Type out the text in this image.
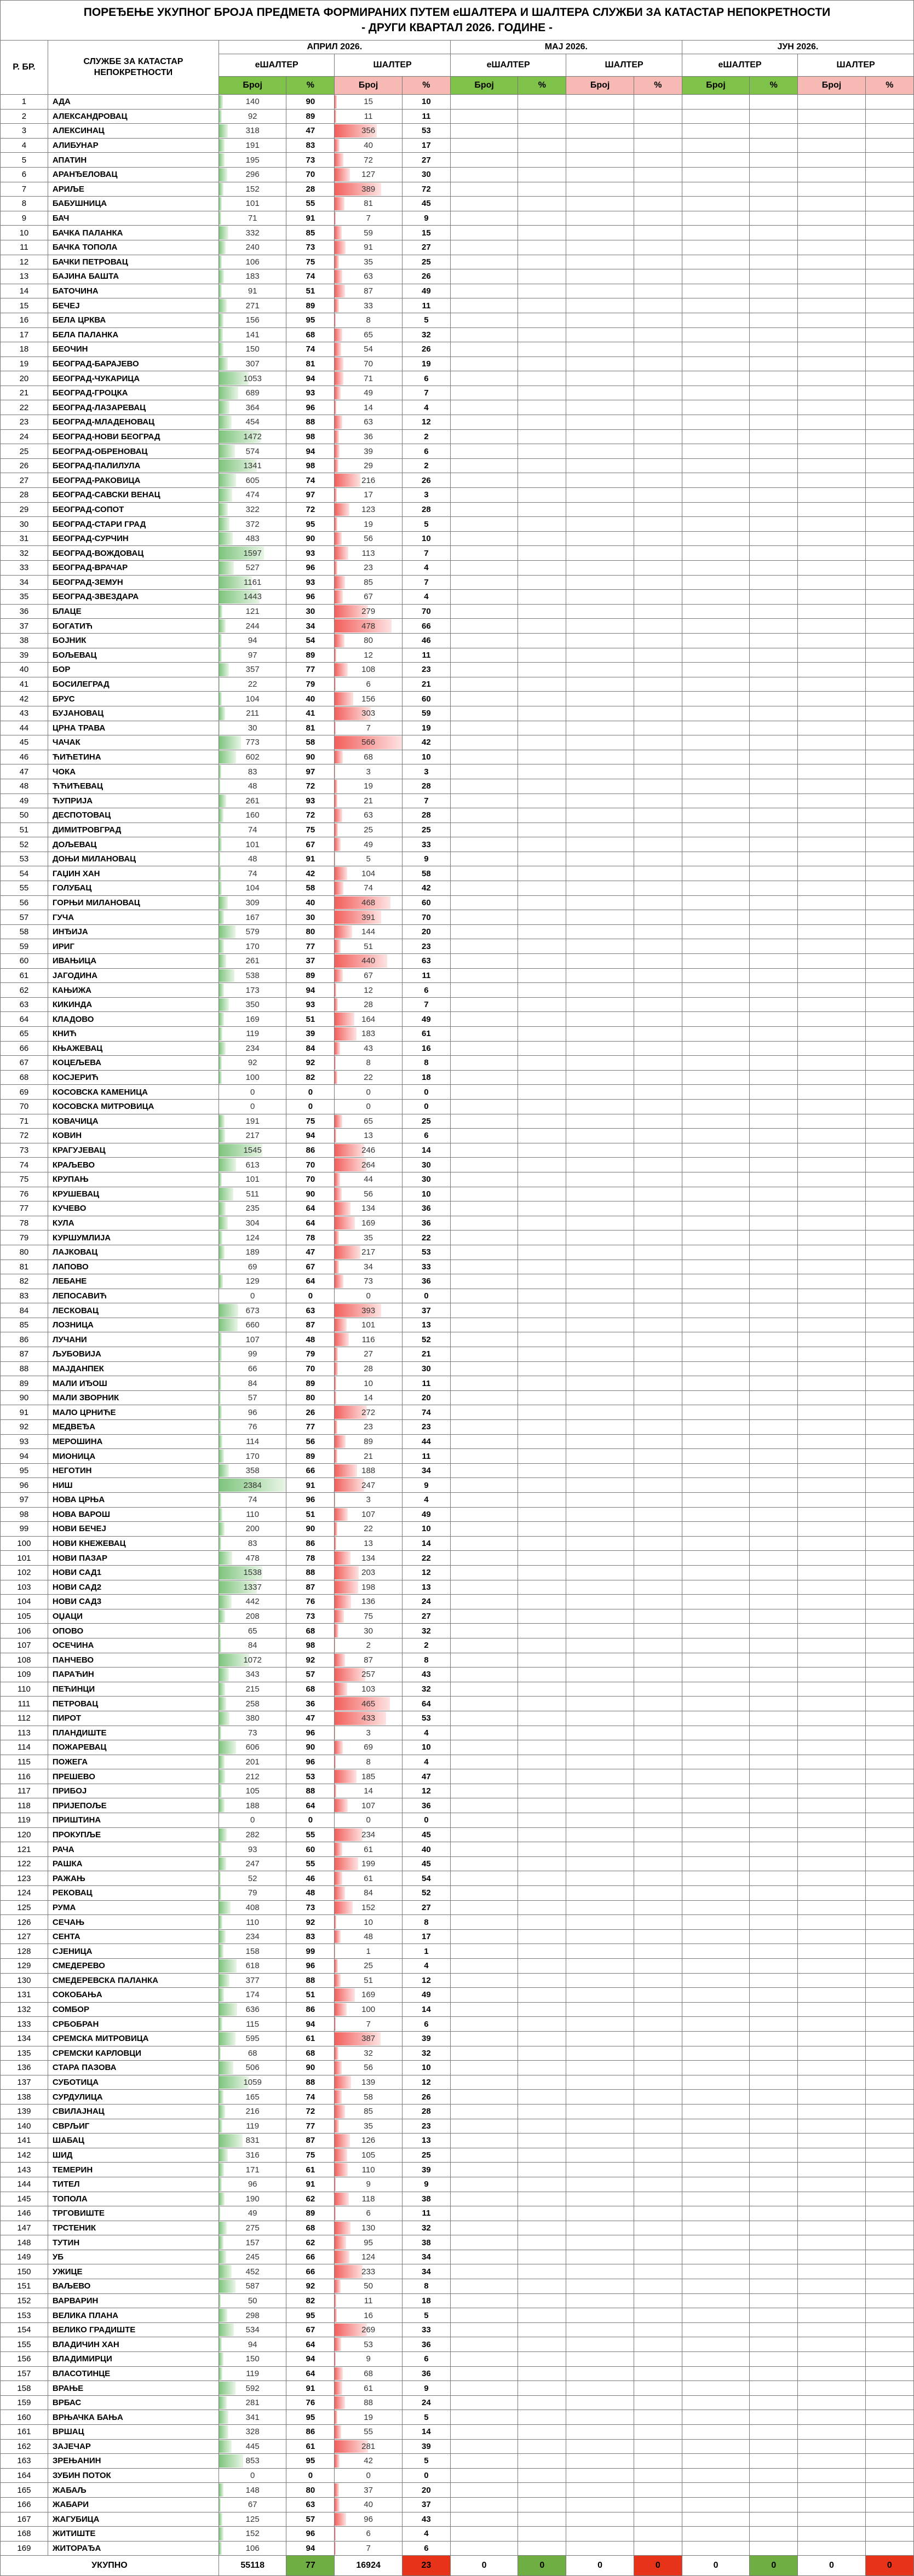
ПОРЕЂЕЊЕ УКУПНОГ БРОЈА ПРЕДМЕТА ФОРМИРАНИХ ПУТЕМ еШАЛТЕРА И ШАЛТЕРА СЛУЖБИ ЗА КАТАСТАР НЕПОКРЕТНОСТИ
- ДРУГИ КВАРТАЛ 2026. ГОДИНЕ -													

Р. БР.	СЛУЖБЕ ЗА КАТАСТАР НЕПОКРЕТНОСТИ	АПРИЛ 2026.				МАЈ 2026.				ЈУН 2026.			
		еШАЛТЕР		ШАЛТЕР		еШАЛТЕР		ШАЛТЕР		еШАЛТЕР		ШАЛТЕР	
		Број	%	Број	%	Број	%	Број	%	Број	%	Број	%
1	АДА	140	90	15	10								
2	АЛЕКСАНДРОВАЦ	92	89	11	11								
3	АЛЕКСИНАЦ	318	47	356	53								
4	АЛИБУНАР	191	83	40	17								
5	АПАТИН	195	73	72	27								
6	АРАНЂЕЛОВАЦ	296	70	127	30								
7	АРИЉЕ	152	28	389	72								
8	БАБУШНИЦА	101	55	81	45								
9	БАЧ	71	91	7	9								
10	БАЧКА ПАЛАНКА	332	85	59	15								
11	БАЧКА ТОПОЛА	240	73	91	27								
12	БАЧКИ ПЕТРОВАЦ	106	75	35	25								
13	БАЈИНА БАШТА	183	74	63	26								
14	БАТОЧИНА	91	51	87	49								
15	БЕЧЕЈ	271	89	33	11								
16	БЕЛА ЦРКВА	156	95	8	5								
17	БЕЛА ПАЛАНКА	141	68	65	32								
18	БЕОЧИН	150	74	54	26								
19	БЕОГРАД-БАРАЈЕВО	307	81	70	19								
20	БЕОГРАД-ЧУКАРИЦА	1053	94	71	6								
21	БЕОГРАД-ГРОЦКА	689	93	49	7								
22	БЕОГРАД-ЛАЗАРЕВАЦ	364	96	14	4								
23	БЕОГРАД-МЛАДЕНОВАЦ	454	88	63	12								
24	БЕОГРАД-НОВИ БЕОГРАД	1472	98	36	2								
25	БЕОГРАД-ОБРЕНОВАЦ	574	94	39	6								
26	БЕОГРАД-ПАЛИЛУЛА	1341	98	29	2								
27	БЕОГРАД-РАКОВИЦА	605	74	216	26								
28	БЕОГРАД-САВСКИ ВЕНАЦ	474	97	17	3								
29	БЕОГРАД-СОПОТ	322	72	123	28								
30	БЕОГРАД-СТАРИ ГРАД	372	95	19	5								
31	БЕОГРАД-СУРЧИН	483	90	56	10								
32	БЕОГРАД-ВОЖДОВАЦ	1597	93	113	7								
33	БЕОГРАД-ВРАЧАР	527	96	23	4								
34	БЕОГРАД-ЗЕМУН	1161	93	85	7								
35	БЕОГРАД-ЗВЕЗДАРА	1443	96	67	4								
36	БЛАЦЕ	121	30	279	70								
37	БОГАТИЋ	244	34	478	66								
38	БОЈНИК	94	54	80	46								
39	БОЉЕВАЦ	97	89	12	11								
40	БОР	357	77	108	23								
41	БОСИЛЕГРАД	22	79	6	21								
42	БРУС	104	40	156	60								
43	БУЈАНОВАЦ	211	41	303	59								
44	ЦРНА ТРАВА	30	81	7	19								
45	ЧАЧАК	773	58	566	42								
46	ЋИЋЕТИНА	602	90	68	10								
47	ЧОКА	83	97	3	3								
48	ЋЋИЋЕВАЦ	48	72	19	28								
49	ЋУПРИЈА	261	93	21	7								
50	ДЕСПОТОВАЦ	160	72	63	28								
51	ДИМИТРОВГРАД	74	75	25	25								
52	ДОЉЕВАЦ	101	67	49	33								
53	ДОЊИ МИЛАНОВАЦ	48	91	5	9								
54	ГАЏИН ХАН	74	42	104	58								
55	ГОЛУБАЦ	104	58	74	42								
56	ГОРЊИ МИЛАНОВАЦ	309	40	468	60								
57	ГУЧА	167	30	391	70								
58	ИНЂИЈА	579	80	144	20								
59	ИРИГ	170	77	51	23								
60	ИВАЊИЦА	261	37	440	63								
61	ЈАГОДИНА	538	89	67	11								
62	КАЊИЖА	173	94	12	6								
63	КИКИНДА	350	93	28	7								
64	КЛАДОВО	169	51	164	49								
65	КНИЋ	119	39	183	61								
66	КЊАЖЕВАЦ	234	84	43	16								
67	КОЦЕЉЕВА	92	92	8	8								
68	КОСЈЕРИЋ	100	82	22	18								
69	КОСОВСКА КАМЕНИЦА	0	0	0	0								
70	КОСОВСКА МИТРОВИЦА	0	0	0	0								
71	КОВАЧИЦА	191	75	65	25								
72	КОВИН	217	94	13	6								
73	КРАГУЈЕВАЦ	1545	86	246	14								
74	КРАЉЕВО	613	70	264	30								
75	КРУПАЊ	101	70	44	30								
76	КРУШЕВАЦ	511	90	56	10								
77	КУЧЕВО	235	64	134	36								
78	КУЛА	304	64	169	36								
79	КУРШУМЛИЈА	124	78	35	22								
80	ЛАЈКОВАЦ	189	47	217	53								
81	ЛАПОВО	69	67	34	33								
82	ЛЕБАНЕ	129	64	73	36								
83	ЛЕПОСАВИЋ	0	0	0	0								
84	ЛЕСКОВАЦ	673	63	393	37								
85	ЛОЗНИЦА	660	87	101	13								
86	ЛУЧАНИ	107	48	116	52								
87	ЉУБОВИЈА	99	79	27	21								
88	МАЈДАНПЕК	66	70	28	30								
89	МАЛИ ИЂОШ	84	89	10	11								
90	МАЛИ ЗВОРНИК	57	80	14	20								
91	МАЛО ЦРНИЋЕ	96	26	272	74								
92	МЕДВЕЂА	76	77	23	23								
93	МЕРОШИНА	114	56	89	44								
94	МИОНИЦА	170	89	21	11								
95	НЕГОТИН	358	66	188	34								
96	НИШ	2384	91	247	9								
97	НОВА ЦРЊА	74	96	3	4								
98	НОВА ВАРОШ	110	51	107	49								
99	НОВИ БЕЧЕЈ	200	90	22	10								
100	НОВИ КНЕЖЕВАЦ	83	86	13	14								
101	НОВИ ПАЗАР	478	78	134	22								
102	НОВИ САД1	1538	88	203	12								
103	НОВИ САД2	1337	87	198	13								
104	НОВИ САД3	442	76	136	24								
105	ОЏАЦИ	208	73	75	27								
106	ОПОВО	65	68	30	32								
107	ОСЕЧИНА	84	98	2	2								
108	ПАНЧЕВО	1072	92	87	8								
109	ПАРАЋИН	343	57	257	43								
110	ПЕЋИНЦИ	215	68	103	32								
111	ПЕТРОВАЦ	258	36	465	64								
112	ПИРОТ	380	47	433	53								
113	ПЛАНДИШТЕ	73	96	3	4								
114	ПОЖАРЕВАЦ	606	90	69	10								
115	ПОЖЕГА	201	96	8	4								
116	ПРЕШЕВО	212	53	185	47								
117	ПРИБОЈ	105	88	14	12								
118	ПРИЈЕПОЉЕ	188	64	107	36								
119	ПРИШТИНА	0	0	0	0								
120	ПРОКУПЉЕ	282	55	234	45								
121	РАЧА	93	60	61	40								
122	РАШКА	247	55	199	45								
123	РАЖАЊ	52	46	61	54								
124	РЕКОВАЦ	79	48	84	52								
125	РУМА	408	73	152	27								
126	СЕЧАЊ	110	92	10	8								
127	СЕНТА	234	83	48	17								
128	СЈЕНИЦА	158	99	1	1								
129	СМЕДЕРЕВО	618	96	25	4								
130	СМЕДЕРЕВСКА ПАЛАНКА	377	88	51	12								
131	СОКОБАЊА	174	51	169	49								
132	СОМБОР	636	86	100	14								
133	СРБОБРАН	115	94	7	6								
134	СРЕМСКА МИТРОВИЦА	595	61	387	39								
135	СРЕМСКИ КАРЛОВЦИ	68	68	32	32								
136	СТАРА ПАЗОВА	506	90	56	10								
137	СУБОТИЦА	1059	88	139	12								
138	СУРДУЛИЦА	165	74	58	26								
139	СВИЛАЈНАЦ	216	72	85	28								
140	СВРЉИГ	119	77	35	23								
141	ШАБАЦ	831	87	126	13								
142	ШИД	316	75	105	25								
143	ТЕМЕРИН	171	61	110	39								
144	ТИТЕЛ	96	91	9	9								
145	ТОПОЛА	190	62	118	38								
146	ТРГОВИШТЕ	49	89	6	11								
147	ТРСТЕНИК	275	68	130	32								
148	ТУТИН	157	62	95	38								
149	УБ	245	66	124	34								
150	УЖИЦЕ	452	66	233	34								
151	ВАЉЕВО	587	92	50	8								
152	ВАРВАРИН	50	82	11	18								
153	ВЕЛИКА ПЛАНА	298	95	16	5								
154	ВЕЛИКО ГРАДИШТЕ	534	67	269	33								
155	ВЛАДИЧИН ХАН	94	64	53	36								
156	ВЛАДИМИРЦИ	150	94	9	6								
157	ВЛАСОТИНЦЕ	119	64	68	36								
158	ВРАЊЕ	592	91	61	9								
159	ВРБАС	281	76	88	24								
160	ВРЊАЧКА БАЊА	341	95	19	5								
161	ВРШАЦ	328	86	55	14								
162	ЗАЈЕЧАР	445	61	281	39								
163	ЗРЕЊАНИН	853	95	42	5								
164	ЗУБИН ПОТОК	0	0	0	0								
165	ЖАБАЉ	148	80	37	20								
166	ЖАБАРИ	67	63	40	37								
167	ЖАГУБИЦА	125	57	96	43								
168	ЖИТИШТЕ	152	96	6	4								
169	ЖИТОРАЂА	106	94	7	6								
УКУПНО		55118	77	16924	23	0	0	0	0	0	0	0	0
